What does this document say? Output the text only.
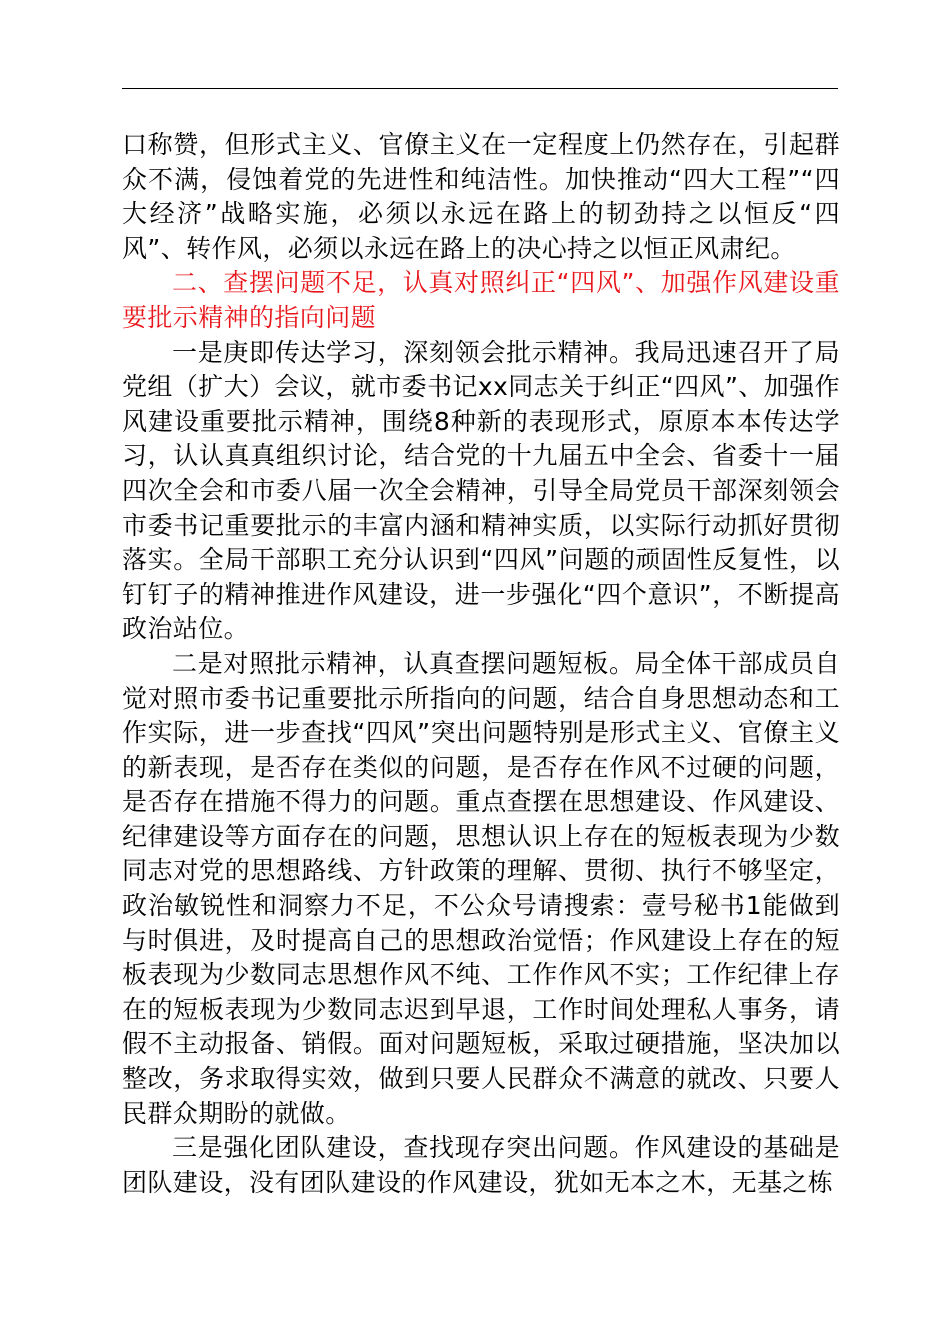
口称赞，但形式主义、官僚主义在一定程度上仍然存在，引起群众不满，侵蚀着党的先进性和纯洁性。加快推动“四大工程”“四大经济”战略实施，必须以永远在路上的韧劲持之以恒反“四风”、转作风，必须以永远在路上的决心持之以恒正风肃纪。

二、查摆问题不足，认真对照纠正“四风”、加强作风建设重要批示精神的指向问题

一是庚即传达学习，深刻领会批示精神。我局迅速召开了局党组（扩大）会议，就市委书记xx同志关于纠正“四风”、加强作风建设重要批示精神，围绕8种新的表现形式，原原本本传达学习，认认真真组织讨论，结合党的十九届五中全会、省委十一届四次全会和市委八届一次全会精神，引导全局党员干部深刻领会市委书记重要批示的丰富内涵和精神实质，以实际行动抓好贯彻落实。全局干部职工充分认识到“四风”问题的顽固性反复性，以钉钉子的精神推进作风建设，进一步强化“四个意识”，不断提高政治站位。

二是对照批示精神，认真查摆问题短板。局全体干部成员自觉对照市委书记重要批示所指向的问题，结合自身思想动态和工作实际，进一步查找“四风”突出问题特别是形式主义、官僚主义的新表现，是否存在类似的问题，是否存在作风不过硬的问题，是否存在措施不得力的问题。重点查摆在思想建设、作风建设、纪律建设等方面存在的问题，思想认识上存在的短板表现为少数同志对党的思想路线、方针政策的理解、贯彻、执行不够坚定，政治敏锐性和洞察力不足，不公众号请搜索：壹号秘书1能做到与时俱进，及时提高自己的思想政治觉悟；作风建设上存在的短板表现为少数同志思想作风不纯、工作作风不实；工作纪律上存在的短板表现为少数同志迟到早退，工作时间处理私人事务，请假不主动报备、销假。面对问题短板，采取过硬措施，坚决加以整改，务求取得实效，做到只要人民群众不满意的就改、只要人民群众期盼的就做。

三是强化团队建设，查找现存突出问题。作风建设的基础是团队建设，没有团队建设的作风建设，犹如无本之木，无基之栋
